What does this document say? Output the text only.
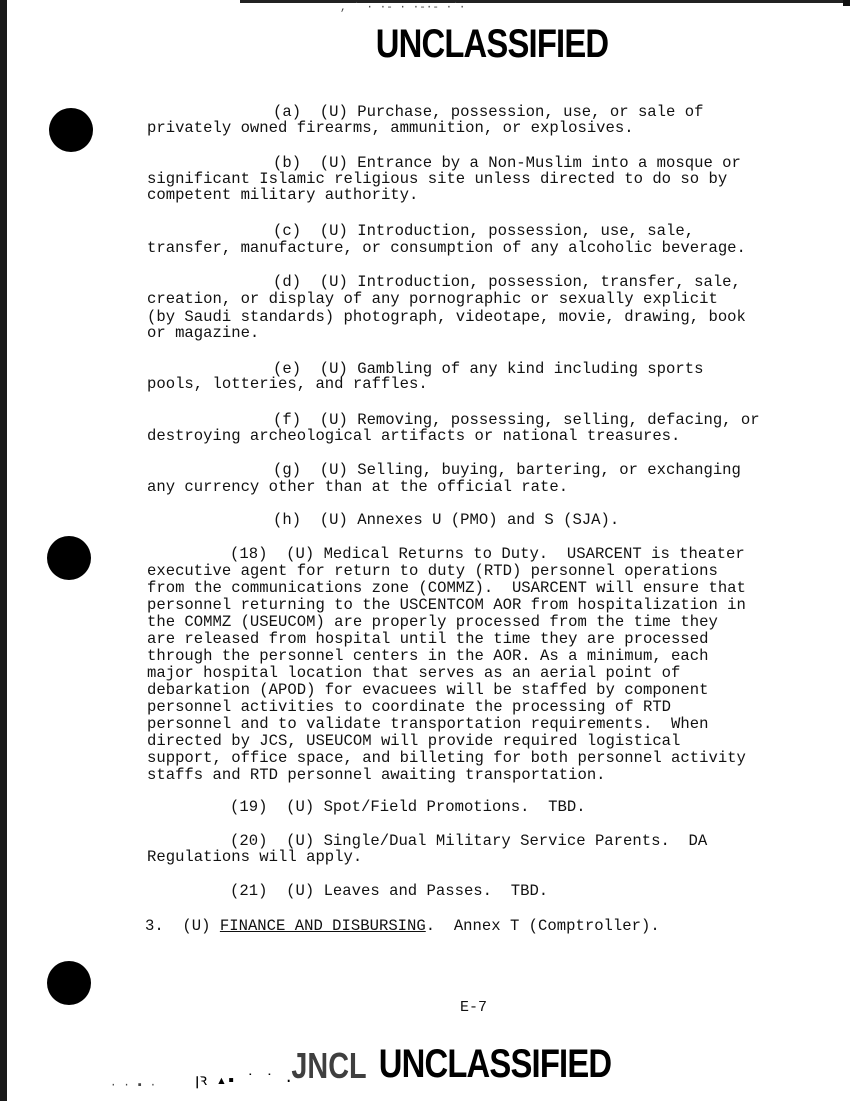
UNCLASSIFIED
(a)  (U) Purchase, possession, use, or sale of
privately owned firearms, ammunition, or explosives.
(b)  (U) Entrance by a Non-Muslim into a mosque or
significant Islamic religious site unless directed to do so by
competent military authority.
(c)  (U) Introduction, possession, use, sale,
transfer, manufacture, or consumption of any alcoholic beverage.
(d)  (U) Introduction, possession, transfer, sale,
creation, or display of any pornographic or sexually explicit
(by Saudi standards) photograph, videotape, movie, drawing, book
or magazine.
(e)  (U) Gambling of any kind including sports
pools, lotteries, and raffles.
(f)  (U) Removing, possessing, selling, defacing, or
destroying archeological artifacts or national treasures.
(g)  (U) Selling, buying, bartering, or exchanging
any currency other than at the official rate.
(h)  (U) Annexes U (PMO) and S (SJA).
(18)  (U) Medical Returns to Duty.  USARCENT is theater
executive agent for return to duty (RTD) personnel operations
from the communications zone (COMMZ).  USARCENT will ensure that
personnel returning to the USCENTCOM AOR from hospitalization in
the COMMZ (USEUCOM) are properly processed from the time they
are released from hospital until the time they are processed
through the personnel centers in the AOR. As a minimum, each
major hospital location that serves as an aerial point of
debarkation (APOD) for evacuees will be staffed by component
personnel activities to coordinate the processing of RTD
personnel and to validate transportation requirements.  When
directed by JCS, USEUCOM will provide required logistical
support, office space, and billeting for both personnel activity
staffs and RTD personnel awaiting transportation.
(19)  (U) Spot/Field Promotions.  TBD.
(20)  (U) Single/Dual Military Service Parents.  DA
Regulations will apply.
(21)  (U) Leaves and Passes.  TBD.
3.  (U) FINANCE AND DISBURSING.  Annex T (Comptroller).
E-7
JNCL UNCLASSIFIED
· · ▪ · ꞁꝛ ▴▪ ˙ ˙ ·
, ˙ · ·- · ·-·- ·˙·
